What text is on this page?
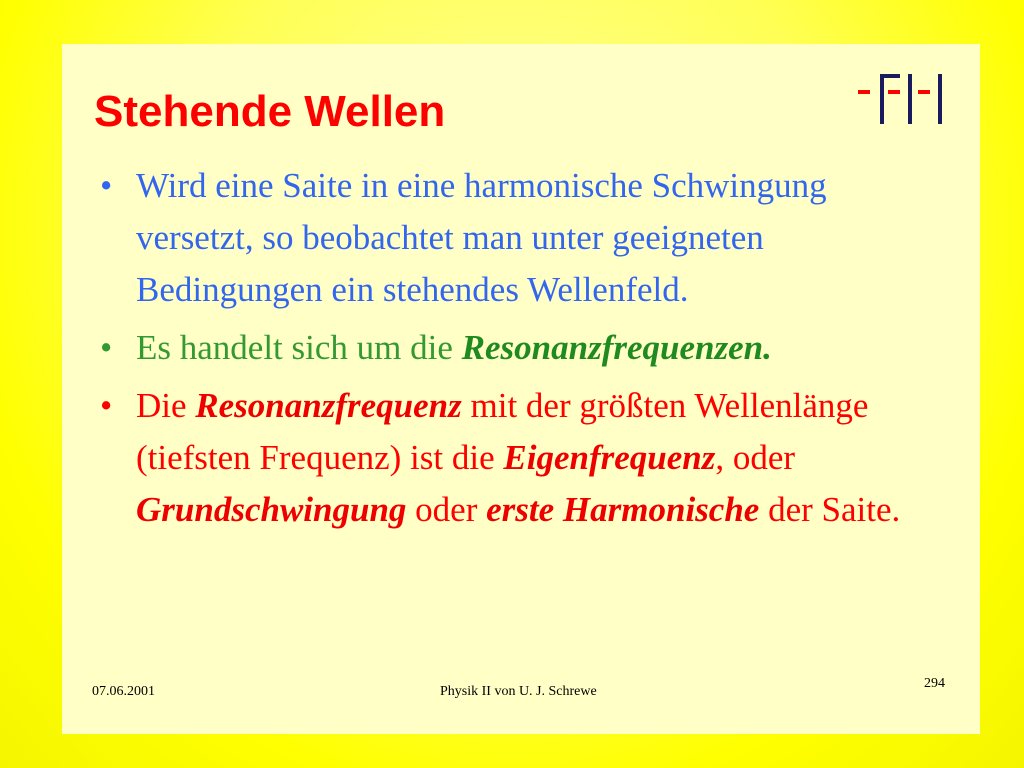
Stehende Wellen
• Wird eine Saite in eine harmonische Schwingung versetzt, so beobachtet man unter geeigneten Bedingungen ein stehendes Wellenfeld.
• Es handelt sich um die Resonanzfrequenzen.
• Die Resonanzfrequenz mit der größten Wellenlänge (tiefsten Frequenz) ist die Eigenfrequenz, oder Grundschwingung oder erste Harmonische der Saite.
07.06.2001	Physik II von U. J. Schrewe
294
